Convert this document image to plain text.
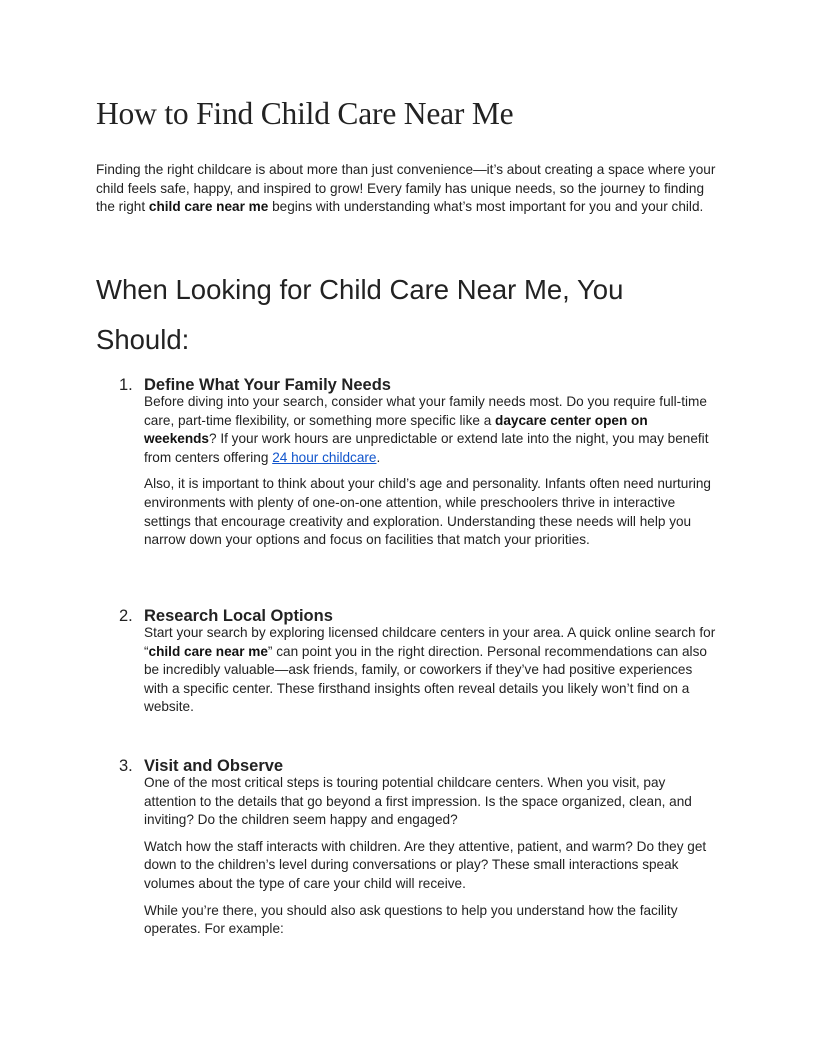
How to Find Child Care Near Me

Finding the right childcare is about more than just convenience—it’s about creating a space where your child feels safe, happy, and inspired to grow! Every family has unique needs, so the journey to finding the right child care near me begins with understanding what’s most important for you and your child.

When Looking for Child Care Near Me, You Should:
1. Define What Your Family Needs

Before diving into your search, consider what your family needs most. Do you require full-time care, part-time flexibility, or something more specific like a daycare center open on weekends? If your work hours are unpredictable or extend late into the night, you may benefit from centers offering 24 hour childcare.

Also, it is important to think about your child’s age and personality. Infants often need nurturing environments with plenty of one-on-one attention, while preschoolers thrive in interactive settings that encourage creativity and exploration. Understanding these needs will help you narrow down your options and focus on facilities that match your priorities.

2. Research Local Options

Start your search by exploring licensed childcare centers in your area. A quick online search for “child care near me” can point you in the right direction. Personal recommendations can also be incredibly valuable—ask friends, family, or coworkers if they’ve had positive experiences with a specific center. These firsthand insights often reveal details you likely won’t find on a website.

3. Visit and Observe

One of the most critical steps is touring potential childcare centers. When you visit, pay attention to the details that go beyond a first impression. Is the space organized, clean, and inviting? Do the children seem happy and engaged?

Watch how the staff interacts with children. Are they attentive, patient, and warm? Do they get down to the children’s level during conversations or play? These small interactions speak volumes about the type of care your child will receive.

While you’re there, you should also ask questions to help you understand how the facility operates. For example:
